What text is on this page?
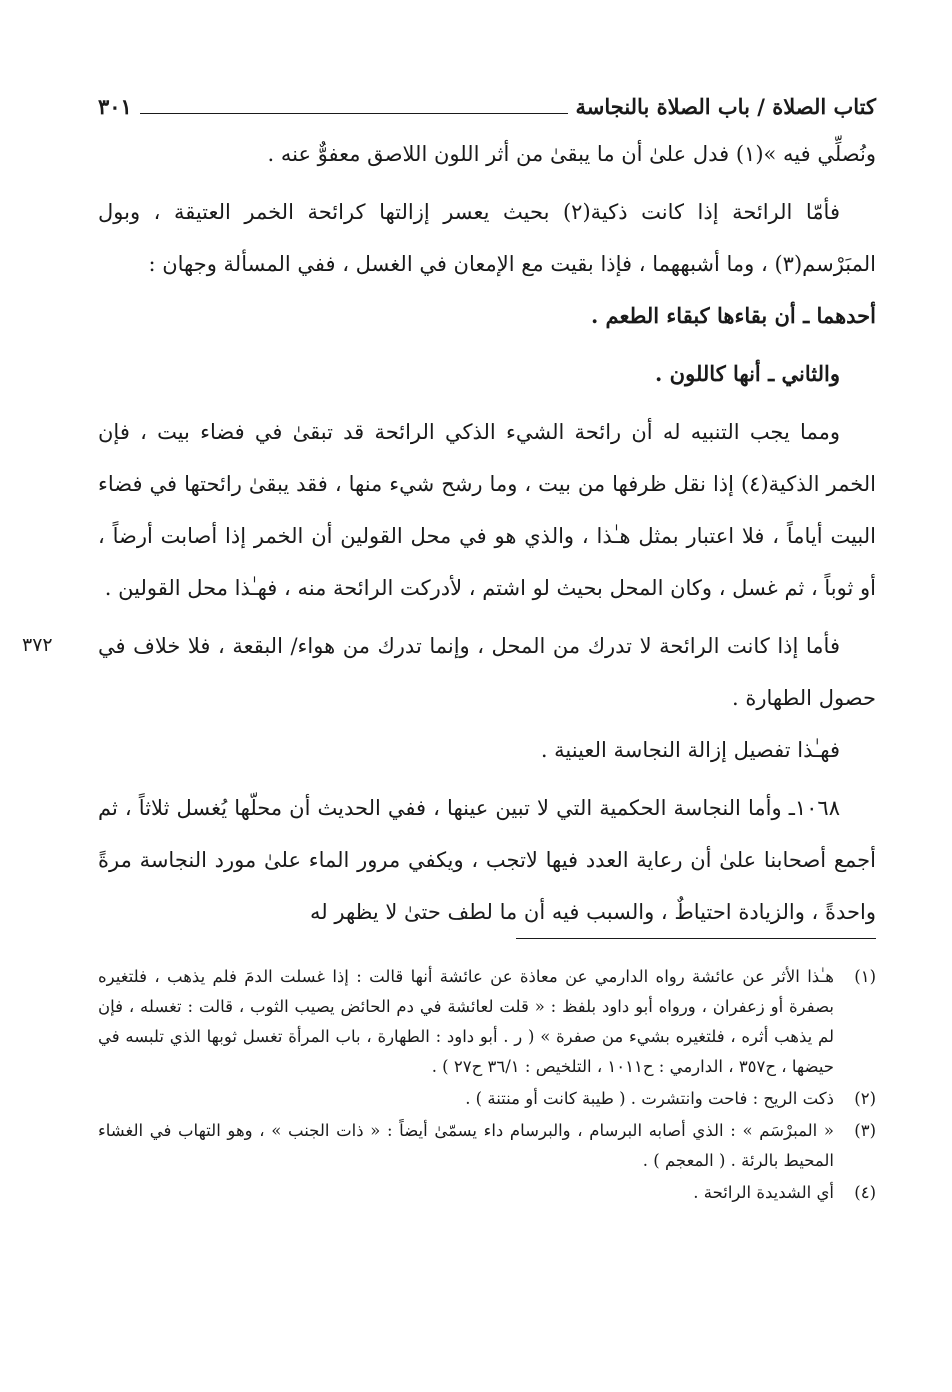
كتاب الصلاة / باب الصلاة بالنجاسة
٣٠١
٣٧٢

ونُصلِّي فيه »(١) فدل علىٰ أن ما يبقىٰ من أثر اللون اللاصق معفوٌّ عنه .

فأمّا الرائحة إذا كانت ذكية(٢) بحيث يعسر إزالتها كرائحة الخمر العتيقة ، وبول المبَرْسم(٣) ، وما أشبههما ، فإذا بقيت مع الإمعان في الغسل ، ففي المسألة وجهان :

أحدهما ـ أن بقاءها كبقاء الطعم .

والثاني ـ أنها كاللون .

ومما يجب التنبيه له أن رائحة الشيء الذكي الرائحة قد تبقىٰ في فضاء بيت ، فإن الخمر الذكية(٤) إذا نقل ظرفها من بيت ، وما رشح شيء منها ، فقد يبقىٰ رائحتها في فضاء البيت أياماً ، فلا اعتبار بمثل هـٰذا ، والذي هو في محل القولين أن الخمر إذا أصابت أرضاً ، أو ثوباً ، ثم غسل ، وكان المحل بحيث لو اشتم ، لأدركت الرائحة منه ، فهـٰذا محل القولين .

فأما إذا كانت الرائحة لا تدرك من المحل ، وإنما تدرك من هواء/ البقعة ، فلا خلاف في حصول الطهارة .

فهـٰذا تفصيل إزالة النجاسة العينية .

١٠٦٨ـ وأما النجاسة الحكمية التي لا تبين عينها ، ففي الحديث أن محلّها يُغسل ثلاثاً ، ثم أجمع أصحابنا علىٰ أن رعاية العدد فيها لاتجب ، ويكفي مرور الماء علىٰ مورد النجاسة مرةً واحدةً ، والزيادة احتياطٌ ، والسبب فيه أن ما لطف حتىٰ لا يظهر له

(١)
هـٰذا الأثر عن عائشة رواه الدارمي عن معاذة عن عائشة أنها قالت : إذا غسلت الدمَ فلم يذهب ، فلتغيره بصفرة أو زعفران ، ورواه أبو داود بلفظ : « قلت لعائشة في دم الحائض يصيب الثوب ، قالت : تغسله ، فإن لم يذهب أثره ، فلتغيره بشيء من صفرة » ( ر . أبو داود : الطهارة ، باب المرأة تغسل ثوبها الذي تلبسه في حيضها ، ح٣٥٧ ، الدارمي : ح١٠١١ ، التلخيص : ٣٦/١ ح٢٧ ) .
(٢)
ذكت الريح : فاحت وانتشرت . ( طيبة كانت أو منتنة ) .
(٣)
« المبرْسَم » : الذي أصابه البرسام ، والبرسام داء يسمّىٰ أيضاً : « ذات الجنب » ، وهو التهاب في الغشاء المحيط بالرئة . ( المعجم ) .
(٤)
أي الشديدة الرائحة .
